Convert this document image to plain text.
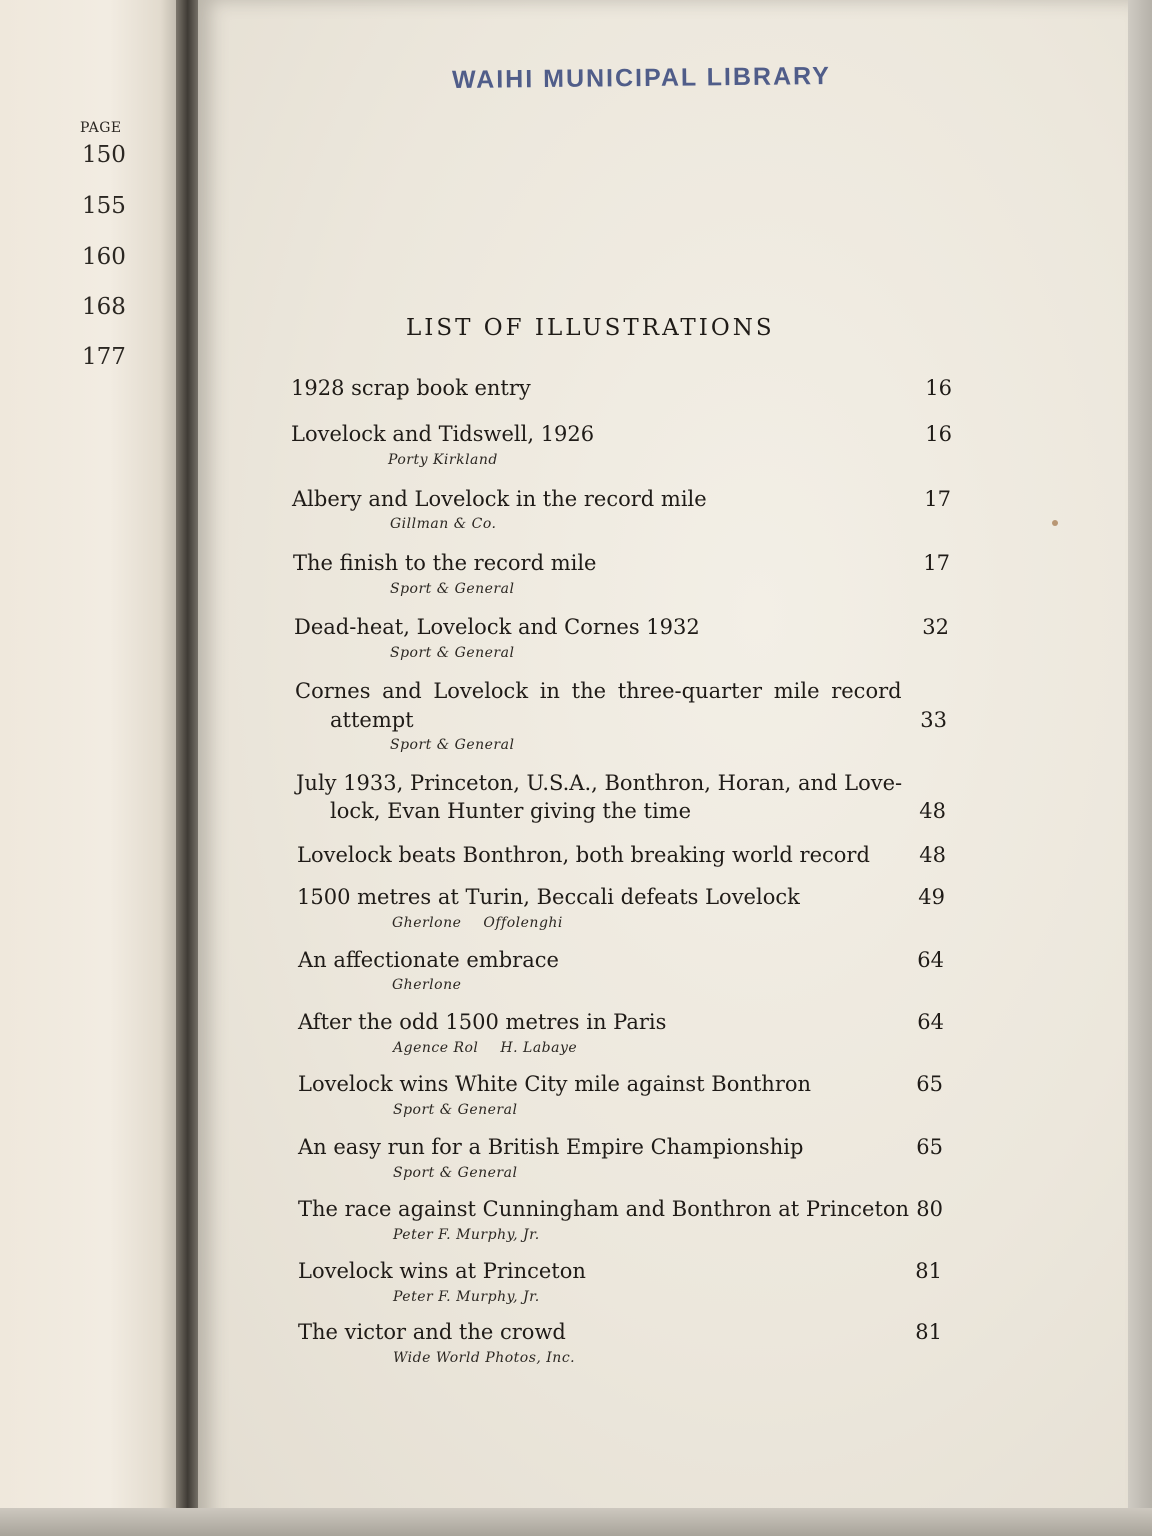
PAGE
150
155
160
168
177
WAIHI MUNICIPAL LIBRARY
LIST OF ILLUSTRATIONS
1928 scrap book entry	16
Lovelock and Tidswell, 1926	16
Porty Kirkland
Albery and Lovelock in the record mile	17
Gillman & Co.
The finish to the record mile	17
Sport & General
Dead-heat, Lovelock and Cornes 1932	32
Sport & General
Cornes and Lovelock in the three-quarter mile record
attempt	33
Sport & General
July 1933, Princeton, U.S.A., Bonthron, Horan, and Love-
lock, Evan Hunter giving the time	48
Lovelock beats Bonthron, both breaking world record	48
1500 metres at Turin, Beccali defeats Lovelock	49
Gherlone Offolenghi
An affectionate embrace	64
Gherlone
After the odd 1500 metres in Paris	64
Agence Rol H. Labaye
Lovelock wins White City mile against Bonthron	65
Sport & General
An easy run for a British Empire Championship	65
Sport & General
The race against Cunningham and Bonthron at Princeton 80
Peter F. Murphy, Jr.
Lovelock wins at Princeton	81
Peter F. Murphy, Jr.
The victor and the crowd	81
Wide World Photos, Inc.
